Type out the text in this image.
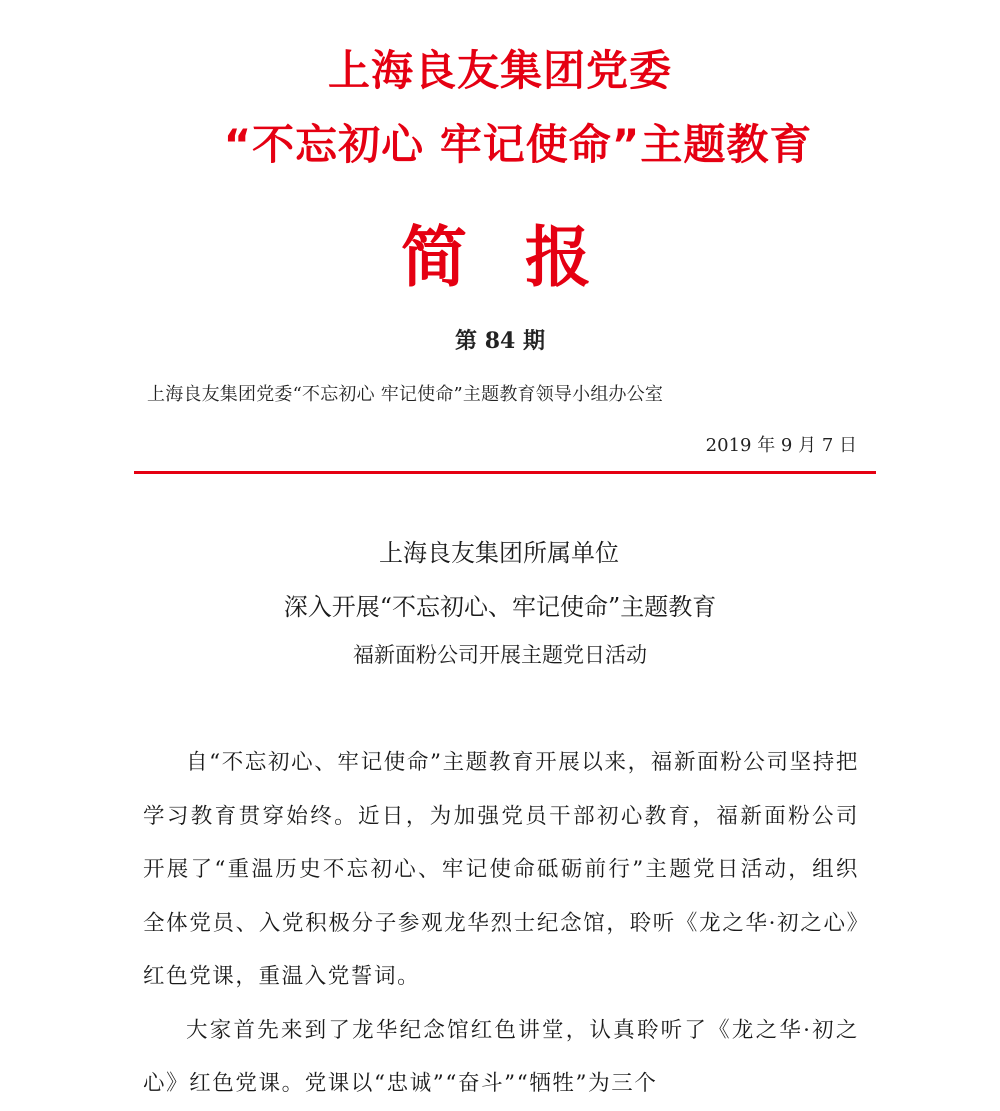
上海良友集团党委
“不忘初心 牢记使命”主题教育
简报
第 84 期
上海良友集团党委“不忘初心 牢记使命”主题教育领导小组办公室
2019 年 9 月 7 日
上海良友集团所属单位
深入开展“不忘初心、牢记使命”主题教育
福新面粉公司开展主题党日活动

自“不忘初心、牢记使命”主题教育开展以来，福新面粉公司坚持把学习教育贯穿始终。近日，为加强党员干部初心教育，福新面粉公司开展了“重温历史不忘初心、牢记使命砥砺前行”主题党日活动，组织全体党员、入党积极分子参观龙华烈士纪念馆，聆听《龙之华·初之心》红色党课，重温入党誓词。

大家首先来到了龙华纪念馆红色讲堂，认真聆听了《龙之华·初之心》红色党课。党课以“忠诚”“奋斗”“牺牲”为三个
